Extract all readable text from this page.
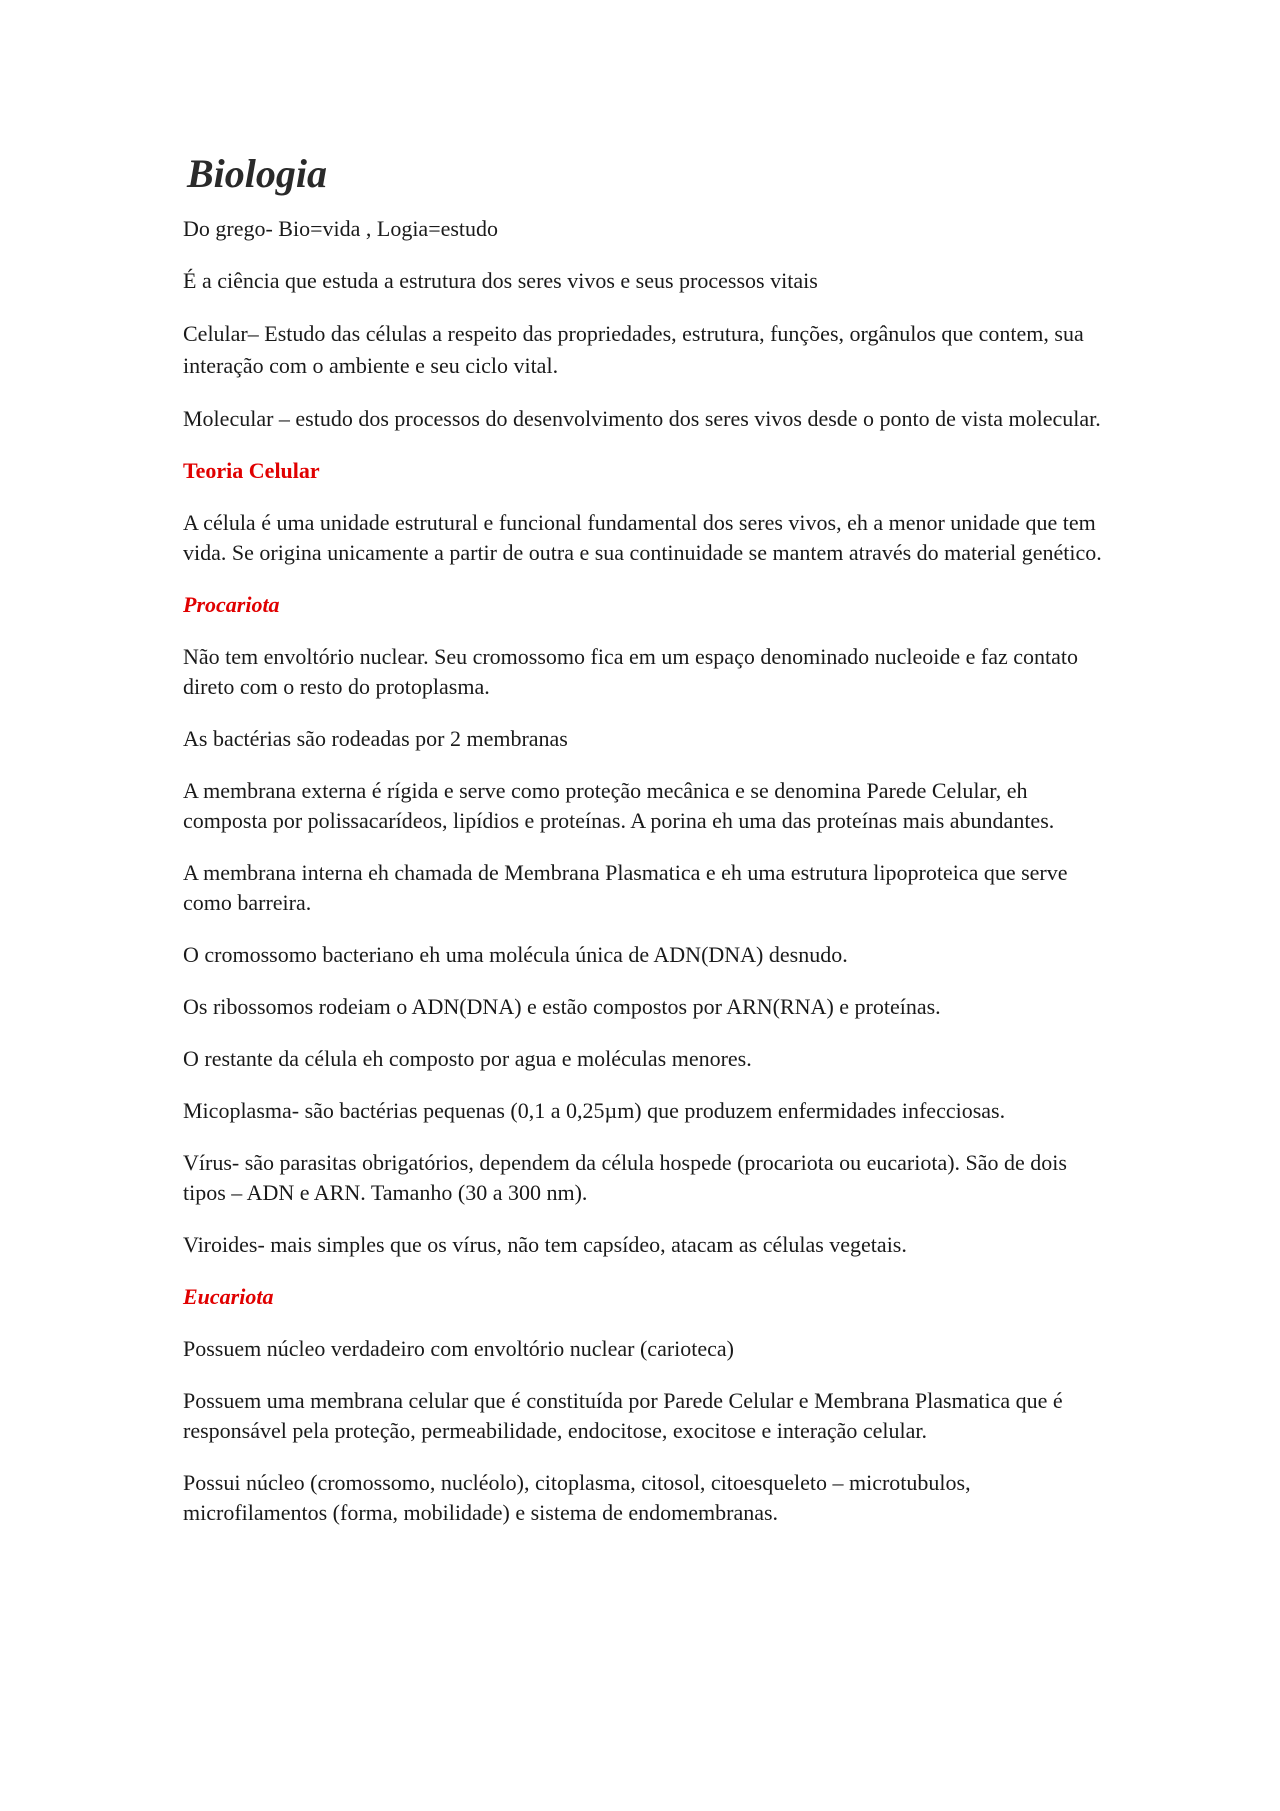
Biologia

Do grego- Bio=vida , Logia=estudo

É a ciência que estuda a estrutura dos seres vivos e seus processos vitais

Celular– Estudo das células a respeito das propriedades, estrutura, funções, orgânulos que contem, sua interação com o ambiente e seu ciclo vital.

Molecular – estudo dos processos do desenvolvimento dos seres vivos desde o ponto de vista molecular.

Teoria Celular

A célula é uma unidade estrutural e funcional fundamental dos seres vivos, eh a menor unidade que tem vida. Se origina unicamente a partir de outra e sua continuidade se mantem através do material genético.

Procariota

Não tem envoltório nuclear. Seu cromossomo fica em um espaço denominado nucleoide e faz contato direto com o resto do protoplasma.

As bactérias são rodeadas por 2 membranas

A membrana externa é rígida e serve como proteção mecânica e se denomina Parede Celular, eh composta por polissacarídeos, lipídios e proteínas. A porina eh uma das proteínas mais abundantes.

A membrana interna eh chamada de Membrana Plasmatica e eh uma estrutura lipoproteica que serve como barreira.

O cromossomo bacteriano eh uma molécula única de ADN(DNA) desnudo.

Os ribossomos rodeiam o ADN(DNA) e estão compostos por ARN(RNA) e proteínas.

O restante da célula eh composto por agua e moléculas menores.

Micoplasma- são bactérias pequenas (0,1 a 0,25µm) que produzem enfermidades infecciosas.

Vírus- são parasitas obrigatórios, dependem da célula hospede (procariota ou eucariota). São de dois tipos – ADN e ARN. Tamanho (30 a 300 nm).

Viroides- mais simples que os vírus, não tem capsídeo, atacam as células vegetais.

Eucariota

Possuem núcleo verdadeiro com envoltório nuclear (carioteca)

Possuem uma membrana celular que é constituída por Parede Celular e Membrana Plasmatica que é responsável pela proteção, permeabilidade, endocitose, exocitose e interação celular.

Possui núcleo (cromossomo, nucléolo), citoplasma, citosol, citoesqueleto – microtubulos, microfilamentos (forma, mobilidade) e sistema de endomembranas.
